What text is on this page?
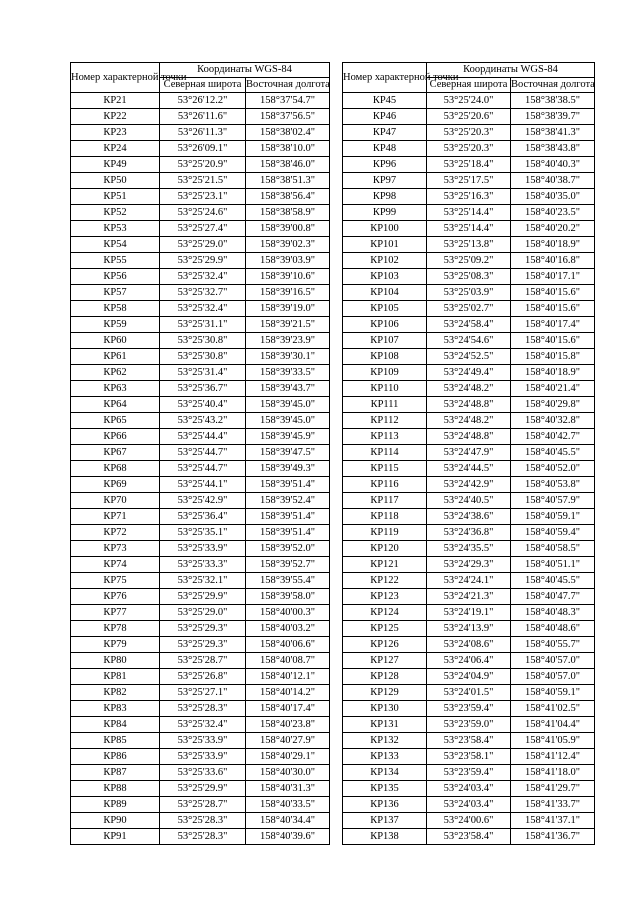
Номер характерной точки	Координаты WGS-84	
	Северная широта	Восточная долгота
КР21	53°26'12.2"	158°37'54.7"
КР22	53°26'11.6"	158°37'56.5"
КР23	53°26'11.3"	158°38'02.4"
КР24	53°26'09.1"	158°38'10.0"
КР49	53°25'20.9"	158°38'46.0"
КР50	53°25'21.5"	158°38'51.3"
КР51	53°25'23.1"	158°38'56.4"
КР52	53°25'24.6"	158°38'58.9"
КР53	53°25'27.4"	158°39'00.8"
КР54	53°25'29.0"	158°39'02.3"
КР55	53°25'29.9"	158°39'03.9"
КР56	53°25'32.4"	158°39'10.6"
КР57	53°25'32.7"	158°39'16.5"
КР58	53°25'32.4"	158°39'19.0"
КР59	53°25'31.1"	158°39'21.5"
КР60	53°25'30.8"	158°39'23.9"
КР61	53°25'30.8"	158°39'30.1"
КР62	53°25'31.4"	158°39'33.5"
КР63	53°25'36.7"	158°39'43.7"
КР64	53°25'40.4"	158°39'45.0"
КР65	53°25'43.2"	158°39'45.0"
КР66	53°25'44.4"	158°39'45.9"
КР67	53°25'44.7"	158°39'47.5"
КР68	53°25'44.7"	158°39'49.3"
КР69	53°25'44.1"	158°39'51.4"
КР70	53°25'42.9"	158°39'52.4"
КР71	53°25'36.4"	158°39'51.4"
КР72	53°25'35.1"	158°39'51.4"
КР73	53°25'33.9"	158°39'52.0"
КР74	53°25'33.3"	158°39'52.7"
КР75	53°25'32.1"	158°39'55.4"
КР76	53°25'29.9"	158°39'58.0"
КР77	53°25'29.0"	158°40'00.3"
КР78	53°25'29.3"	158°40'03.2"
КР79	53°25'29.3"	158°40'06.6"
КР80	53°25'28.7"	158°40'08.7"
КР81	53°25'26.8"	158°40'12.1"
КР82	53°25'27.1"	158°40'14.2"
КР83	53°25'28.3"	158°40'17.4"
КР84	53°25'32.4"	158°40'23.8"
КР85	53°25'33.9"	158°40'27.9"
КР86	53°25'33.9"	158°40'29.1"
КР87	53°25'33.6"	158°40'30.0"
КР88	53°25'29.9"	158°40'31.3"
КР89	53°25'28.7"	158°40'33.5"
КР90	53°25'28.3"	158°40'34.4"
КР91	53°25'28.3"	158°40'39.6"
Номер характерной точки	Координаты WGS-84	
	Северная широта	Восточная долгота
КР45	53°25'24.0"	158°38'38.5"
КР46	53°25'20.6"	158°38'39.7"
КР47	53°25'20.3"	158°38'41.3"
КР48	53°25'20.3"	158°38'43.8"
КР96	53°25'18.4"	158°40'40.3"
КР97	53°25'17.5"	158°40'38.7"
КР98	53°25'16.3"	158°40'35.0"
КР99	53°25'14.4"	158°40'23.5"
КР100	53°25'14.4"	158°40'20.2"
КР101	53°25'13.8"	158°40'18.9"
КР102	53°25'09.2"	158°40'16.8"
КР103	53°25'08.3"	158°40'17.1"
КР104	53°25'03.9"	158°40'15.6"
КР105	53°25'02.7"	158°40'15.6"
КР106	53°24'58.4"	158°40'17.4"
КР107	53°24'54.6"	158°40'15.6"
КР108	53°24'52.5"	158°40'15.8"
КР109	53°24'49.4"	158°40'18.9"
КР110	53°24'48.2"	158°40'21.4"
КР111	53°24'48.8"	158°40'29.8"
КР112	53°24'48.2"	158°40'32.8"
КР113	53°24'48.8"	158°40'42.7"
КР114	53°24'47.9"	158°40'45.5"
КР115	53°24'44.5"	158°40'52.0"
КР116	53°24'42.9"	158°40'53.8"
КР117	53°24'40.5"	158°40'57.9"
КР118	53°24'38.6"	158°40'59.1"
КР119	53°24'36.8"	158°40'59.4"
КР120	53°24'35.5"	158°40'58.5"
КР121	53°24'29.3"	158°40'51.1"
КР122	53°24'24.1"	158°40'45.5"
КР123	53°24'21.3"	158°40'47.7"
КР124	53°24'19.1"	158°40'48.3"
КР125	53°24'13.9"	158°40'48.6"
КР126	53°24'08.6"	158°40'55.7"
КР127	53°24'06.4"	158°40'57.0"
КР128	53°24'04.9"	158°40'57.0"
КР129	53°24'01.5"	158°40'59.1"
КР130	53°23'59.4"	158°41'02.5"
КР131	53°23'59.0"	158°41'04.4"
КР132	53°23'58.4"	158°41'05.9"
КР133	53°23'58.1"	158°41'12.4"
КР134	53°23'59.4"	158°41'18.0"
КР135	53°24'03.4"	158°41'29.7"
КР136	53°24'03.4"	158°41'33.7"
КР137	53°24'00.6"	158°41'37.1"
КР138	53°23'58.4"	158°41'36.7"
